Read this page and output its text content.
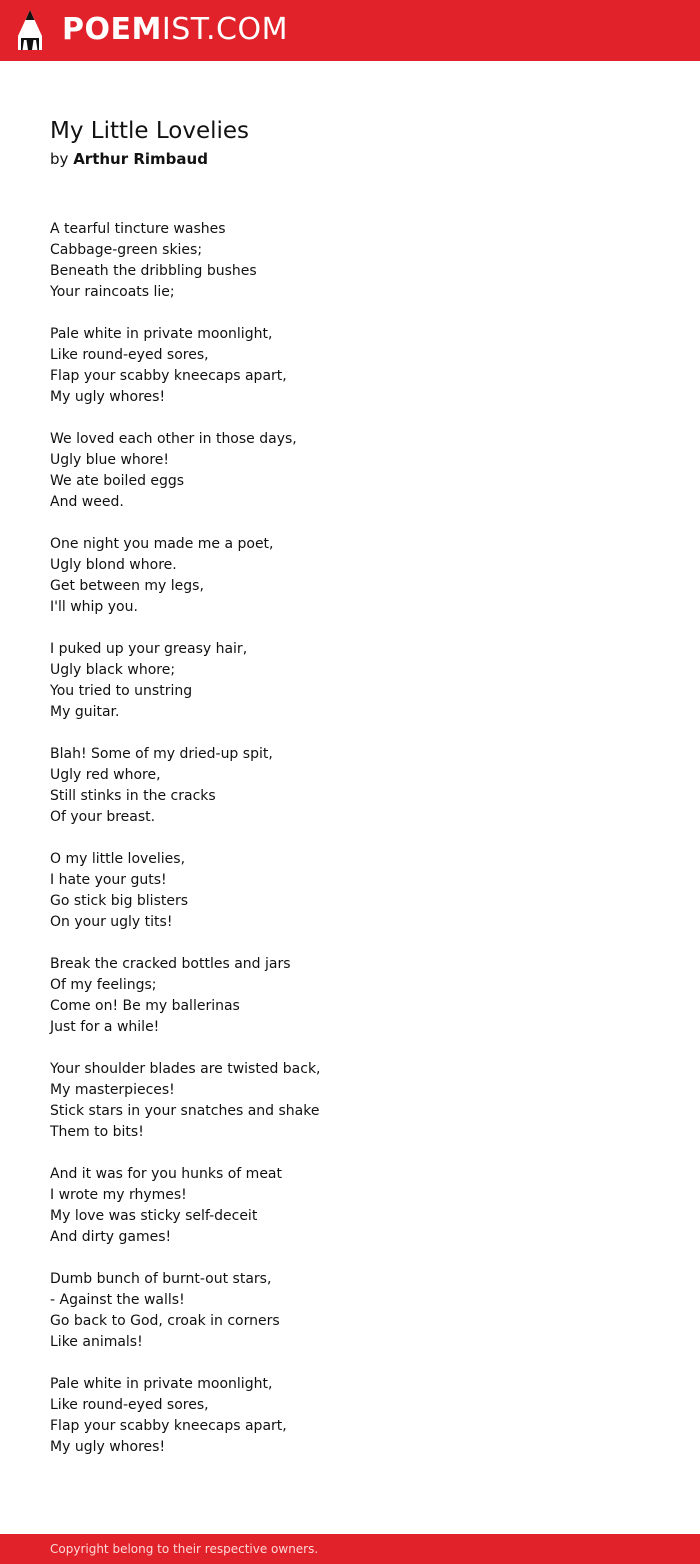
POEMIST.COM
My Little Lovelies
by Arthur Rimbaud
A tearful tincture washes
Cabbage-green skies;
Beneath the dribbling bushes
Your raincoats lie;
Pale white in private moonlight,
Like round-eyed sores,
Flap your scabby kneecaps apart,
My ugly whores!
We loved each other in those days,
Ugly blue whore!
We ate boiled eggs
And weed.
One night you made me a poet,
Ugly blond whore.
Get between my legs,
I'll whip you.
I puked up your greasy hair,
Ugly black whore;
You tried to unstring
My guitar.
Blah! Some of my dried-up spit,
Ugly red whore,
Still stinks in the cracks
Of your breast.
O my little lovelies,
I hate your guts!
Go stick big blisters
On your ugly tits!
Break the cracked bottles and jars
Of my feelings;
Come on! Be my ballerinas
Just for a while!
Your shoulder blades are twisted back,
My masterpieces!
Stick stars in your snatches and shake
Them to bits!
And it was for you hunks of meat
I wrote my rhymes!
My love was sticky self-deceit
And dirty games!
Dumb bunch of burnt-out stars,
- Against the walls!
Go back to God, croak in corners
Like animals!
Pale white in private moonlight,
Like round-eyed sores,
Flap your scabby kneecaps apart,
My ugly whores!
Copyright belong to their respective owners.
